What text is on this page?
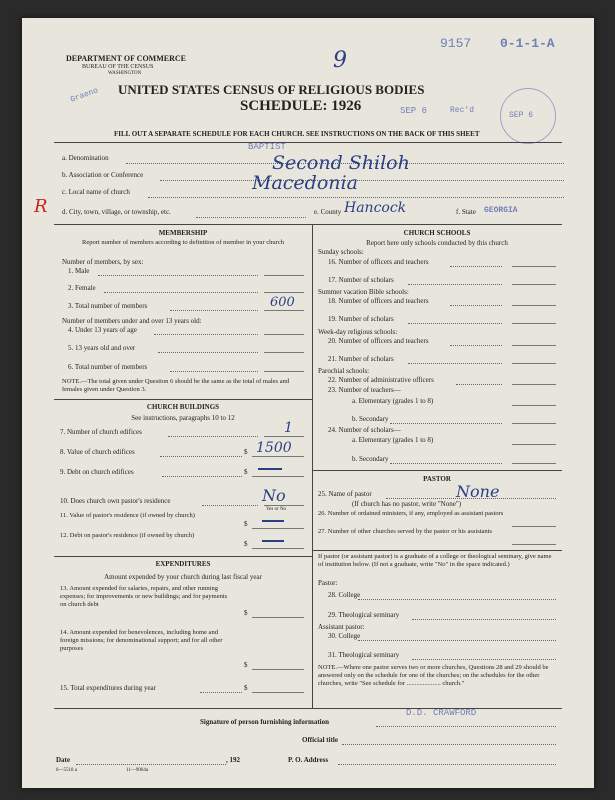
DEPARTMENT OF COMMERCE
BUREAU OF THE CENSUS
WASHINGTON
9157 0-1-1-A
9
Graeno UNITED STATES CENSUS OF RELIGIOUS BODIES
SCHEDULE: 1926	SEP 6	Rec'd
SEP 6
FILL OUT A SEPARATE SCHEDULE FOR EACH CHURCH. SEE INSTRUCTIONS ON THE BACK OF THIS SHEET
BAPTIST
a. Denomination	Second Shiloh
b. Association or Conference	Macedonia
c. Local name of church
R d. City, town, village, or township, etc.	e. County Hancock	f. State GEORGIA
MEMBERSHIP
Report number of members according to definition of member in your church
Number of members, by sex:
1. Male
2. Female
3. Total number of members	600
Number of members under and over 13 years old:
4. Under 13 years of age
5. 13 years old and over
6. Total number of members
NOTE.—The total given under Question 6 should be the same as the total of males and females given under Question 3.
CHURCH BUILDINGS
See instructions, paragraphs 10 to 12
7. Number of church edifices	1
8. Value of church edifices	$ 1500
9. Debt on church edifices	$
10. Does church own pastor's residence	No
Yes or No
11. Value of pastor's residence (if owned by church)
$
12. Debt on pastor's residence (if owned by church)
$
EXPENDITURES
Amount expended by your church during last fiscal year
13. Amount expended for salaries, repairs, and other running expenses; for improvements or new buildings; and for payments on church debt
$
14. Amount expended for benevolences, including home and foreign missions; for denominational support; and for all other purposes
$
15. Total expenditures during year	$
CHURCH SCHOOLS
Report here only schools conducted by this church
Sunday schools:
16. Number of officers and teachers
17. Number of scholars
Summer vacation Bible schools:
18. Number of officers and teachers
19. Number of scholars
Week-day religious schools:
20. Number of officers and teachers
21. Number of scholars
Parochial schools:
22. Number of administrative officers
23. Number of teachers—
a. Elementary (grades 1 to 8)
b. Secondary
24. Number of scholars—
a. Elementary (grades 1 to 8)
b. Secondary
PASTOR
25. Name of pastor	None
(If church has no pastor, write "None")
26. Number of ordained ministers, if any, employed as assistant pastors
27. Number of other churches served by the pastor or his assistants
If pastor (or assistant pastor) is a graduate of a college or theological seminary, give name of institution below. (If not a graduate, write "No" in the space indicated.)
Pastor:
28. College
29. Theological seminary
Assistant pastor:
30. College
31. Theological seminary
NOTE.—Where one pastor serves two or more churches, Questions 28 and 29 should be answered only on the schedule for one of the churches; on the schedules for the other churches, write "See schedule for ..................... church."
Signature of person furnishing information
D.D. CRAWFORD
Official title
Date	, 192	P. O. Address
6—5518 a	11—9064a
